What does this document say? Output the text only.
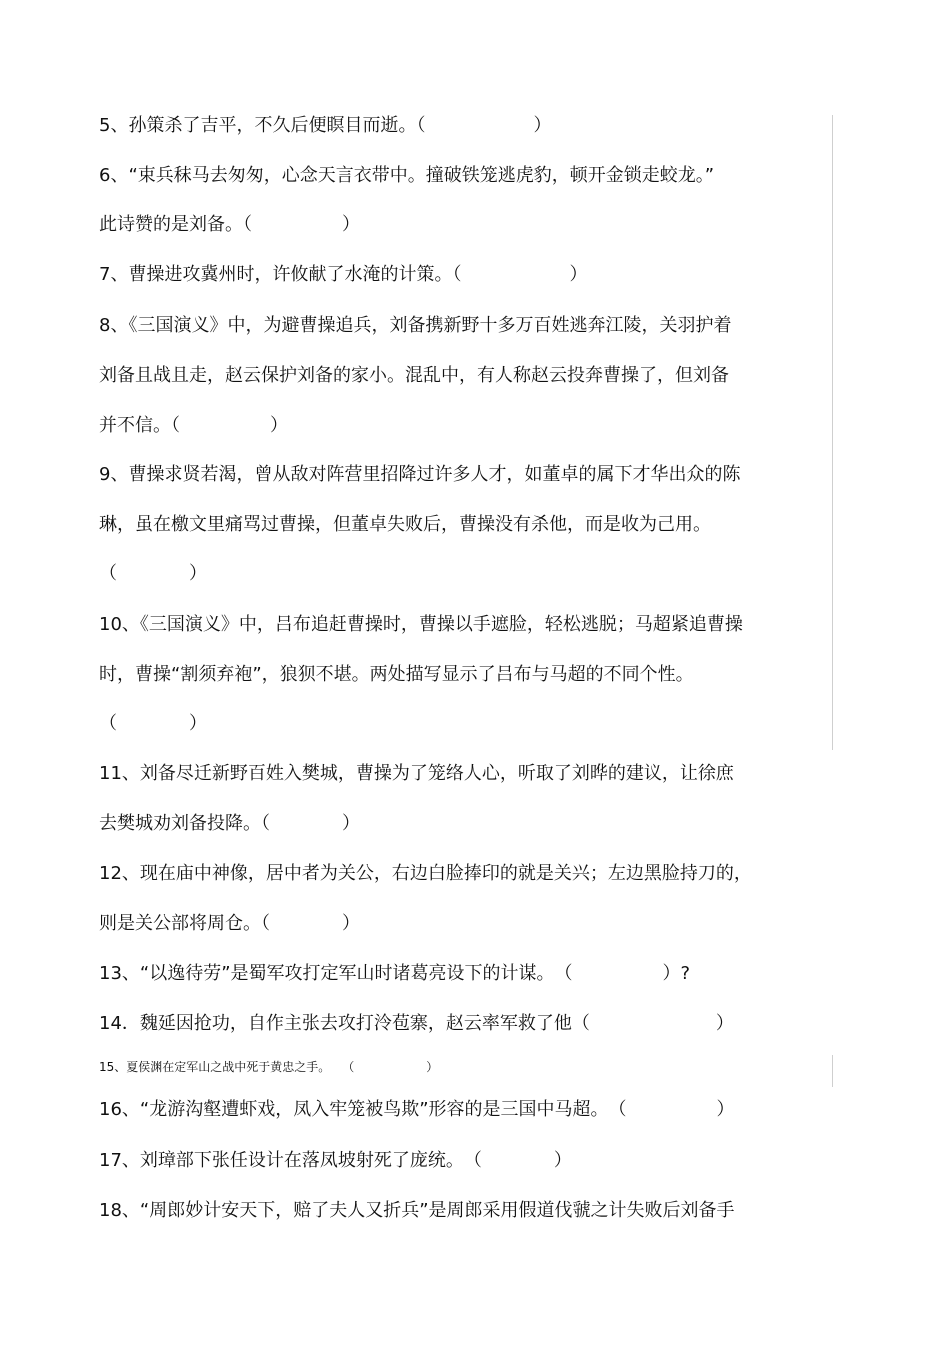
5、孙策杀了吉平，不久后便瞑目而逝。（　　　　　　）
6、“束兵秣马去匆匆，心念天言衣带中。撞破铁笼逃虎豹，顿开金锁走蛟龙。”
此诗赞的是刘备。（　　　　　）
7、曹操进攻冀州时，许攸献了水淹的计策。（　　　　　　）
8、《三国演义》中，为避曹操追兵，刘备携新野十多万百姓逃奔江陵，关羽护着
刘备且战且走，赵云保护刘备的家小。混乱中，有人称赵云投奔曹操了，但刘备
并不信。（　　　　　）
9、曹操求贤若渴，曾从敌对阵营里招降过许多人才，如董卓的属下才华出众的陈
琳，虽在檄文里痛骂过曹操，但董卓失败后，曹操没有杀他，而是收为己用。
（　　　　）
10、《三国演义》中，吕布追赶曹操时，曹操以手遮脸，轻松逃脱；马超紧追曹操
时，曹操“割须弃袍”，狼狈不堪。两处描写显示了吕布与马超的不同个性。
（　　　　）
11、刘备尽迁新野百姓入樊城，曹操为了笼络人心，听取了刘晔的建议，让徐庶
去樊城劝刘备投降。（　　　　）
12、现在庙中神像，居中者为关公，右边白脸捧印的就是关兴；左边黑脸持刀的，
则是关公部将周仓。（　　　　）
13、“以逸待劳”是蜀军攻打定军山时诸葛亮设下的计谋。　（　　　　　）?
14．魏延因抢功，自作主张去攻打泠苞寨，赵云率军救了他（　　　　　　　）
15、夏侯渊在定军山之战中死于黄忠之手。　　（　　　　　　）
16、“龙游沟壑遭虾戏，凤入牢笼被鸟欺”形容的是三国中马超。　（　　　　　）
17、刘璋部下张任设计在落凤坡射死了庞统。　（　　　　）
18、“周郎妙计安天下，赔了夫人又折兵”是周郎采用假道伐虢之计失败后刘备手
